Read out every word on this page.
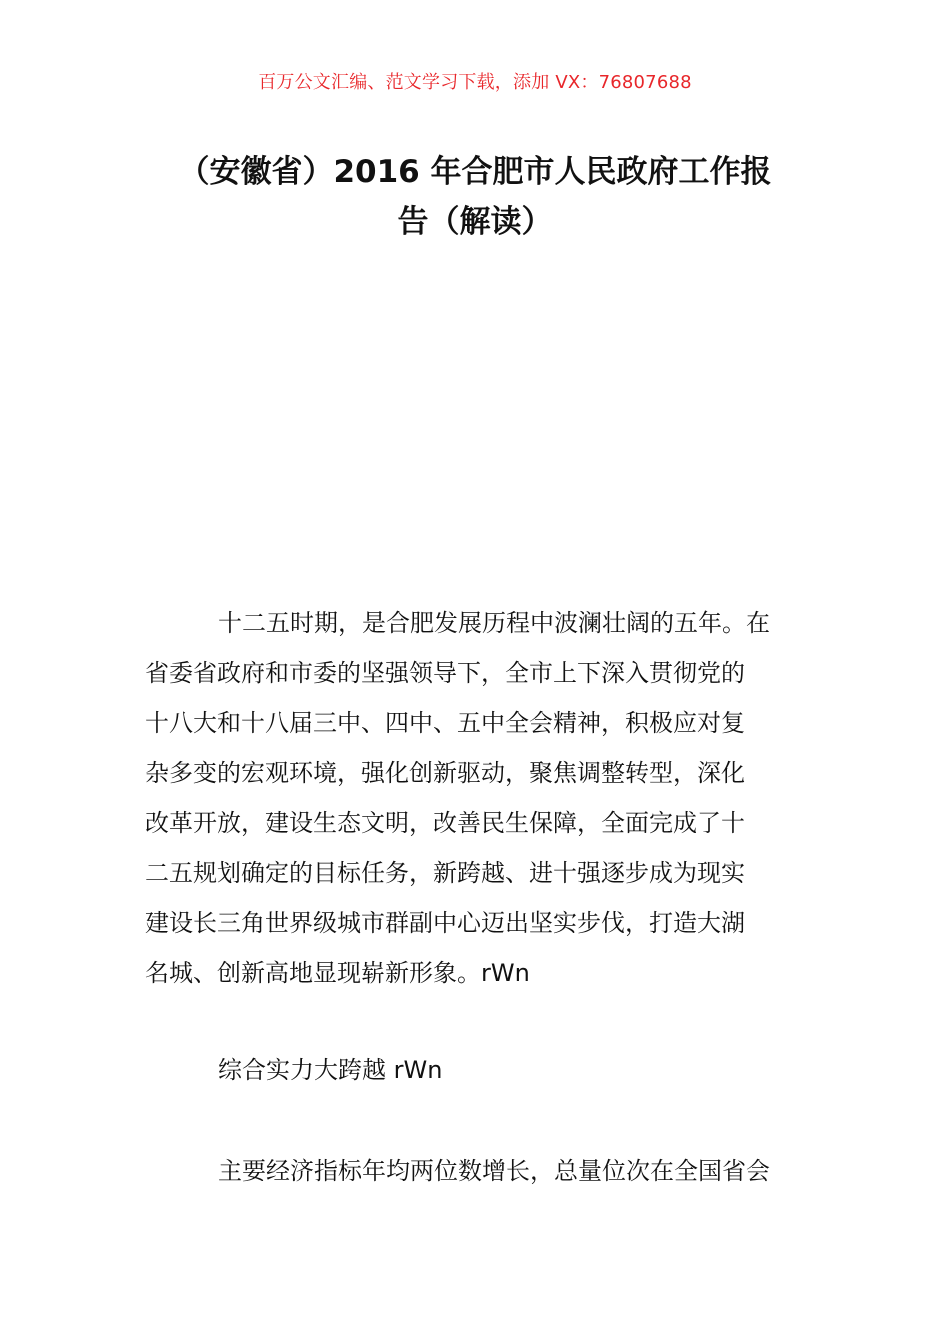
百万公文汇编、范文学习下载，添加 VX：76807688
（安徽省）2016 年合肥市人民政府工作报
告（解读）
十二五时期，是合肥发展历程中波澜壮阔的五年。在
省委省政府和市委的坚强领导下，全市上下深入贯彻党的
十八大和十八届三中、四中、五中全会精神，积极应对复
杂多变的宏观环境，强化创新驱动，聚焦调整转型，深化
改革开放，建设生态文明，改善民生保障，全面完成了十
二五规划确定的目标任务，新跨越、进十强逐步成为现实
建设长三角世界级城市群副中心迈出坚实步伐，打造大湖
名城、创新高地显现崭新形象。rWn
综合实力大跨越 rWn
主要经济指标年均两位数增长，总量位次在全国省会
